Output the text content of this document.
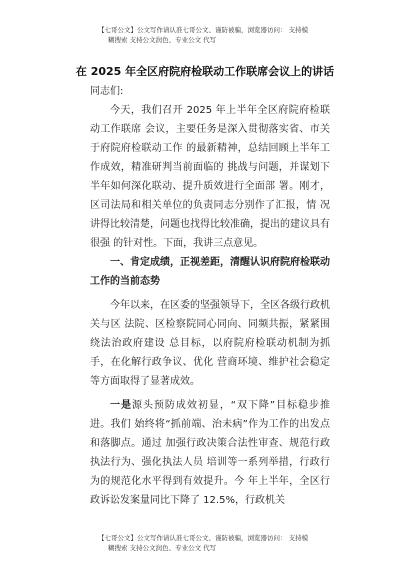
【七哥公文】公文写作请认准七哥公文、谨防被骗，浏览器访问： 支持模
糊搜索 支持公文润色、专业公文 代写
在 2025 年全区府院府检联动工作联席会议上的讲话

同志们:

今天，我们召开 2025 年上半年全区府院府检联动工作联席 会议，主要任务是深入贯彻落实省、市关于府院府检联动工作 的最新精神，总结回顾上半年工作成效，精准研判当前面临的 挑战与问题，并谋划下半年如何深化联动、提升质效进行全面部 署。刚才，区司法局和相关单位的负责同志分别作了汇报，情 况讲得比较清楚，问题也找得比较准确，提出的建议具有很强 的针对性。下面，我讲三点意见。

一、肯定成绩，正视差距，清醒认识府院府检联动工作的当前态势

今年以来，在区委的坚强领导下，全区各级行政机关与区 法院、区检察院同心同向、同频共振，紧紧围绕法治政府建设 总目标，以府院府检联动机制为抓手，在化解行政争议、优化 营商环境、维护社会稳定等方面取得了显著成效。

一是源头预防成效初显，“双下降”目标稳步推进。我们 始终将“抓前端、治未病”作为工作的出发点和落脚点。通过 加强行政决策合法性审查、规范行政执法行为、强化执法人员 培训等一系列举措，行政行为的规范化水平得到有效提升。今 年上半年，全区行政诉讼发案量同比下降了 12.5%，行政机关

【七哥公文】公文写作请认准七哥公文、谨防被骗，浏览器访问： 支持模
糊搜索 支持公文润色、专业公文 代写
